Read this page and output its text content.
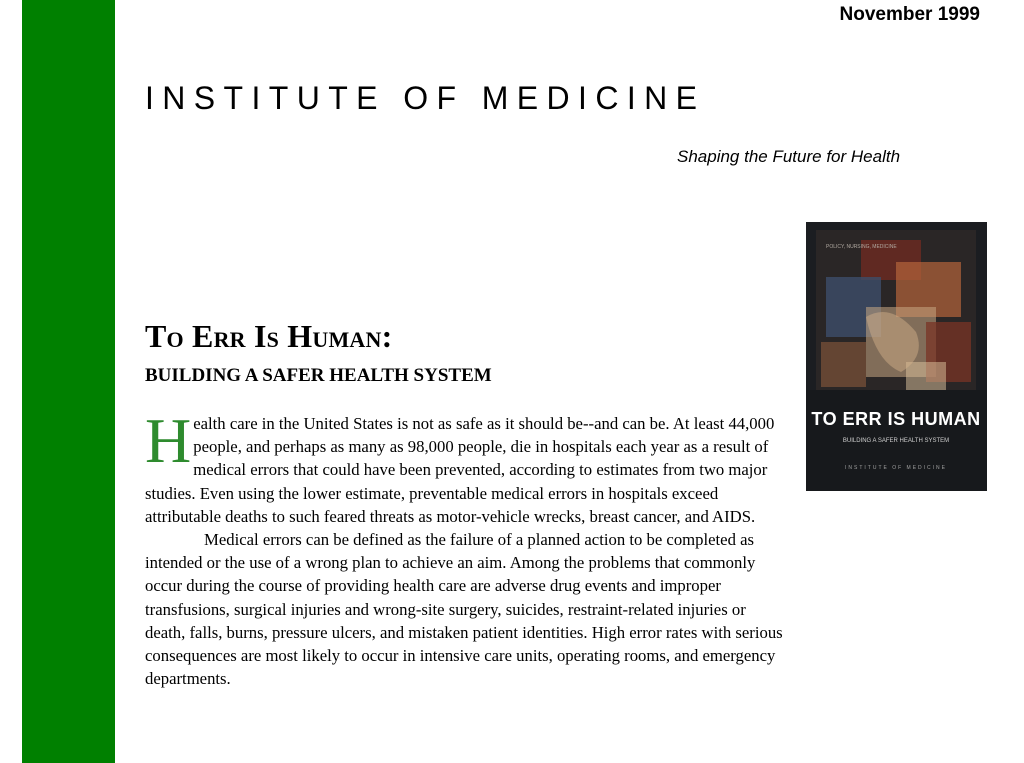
November 1999
INSTITUTE OF MEDICINE
Shaping the Future for Health
POLICY, NURSING, MEDICINE
TO ERR IS HUMAN
BUILDING A SAFER HEALTH SYSTEM
INSTITUTE OF MEDICINE
To Err Is Human:
BUILDING A SAFER HEALTH SYSTEM

H ealth care in the United States is not as safe as it should be--and can be. At least 44,000 people, and perhaps as many as 98,000 people, die in hospitals each year as a result of medical errors that could have been prevented, according to estimates from two major studies. Even using the lower estimate, preventable medical errors in hospitals exceed attributable deaths to such feared threats as motor-vehicle wrecks, breast cancer, and AIDS.

Medical errors can be defined as the failure of a planned action to be completed as intended or the use of a wrong plan to achieve an aim. Among the problems that commonly occur during the course of providing health care are adverse drug events and improper transfusions, surgical injuries and wrong-site surgery, suicides, restraint-related injuries or death, falls, burns, pressure ulcers, and mistaken patient identities. High error rates with serious consequences are most likely to occur in intensive care units, operating rooms, and emergency departments.
